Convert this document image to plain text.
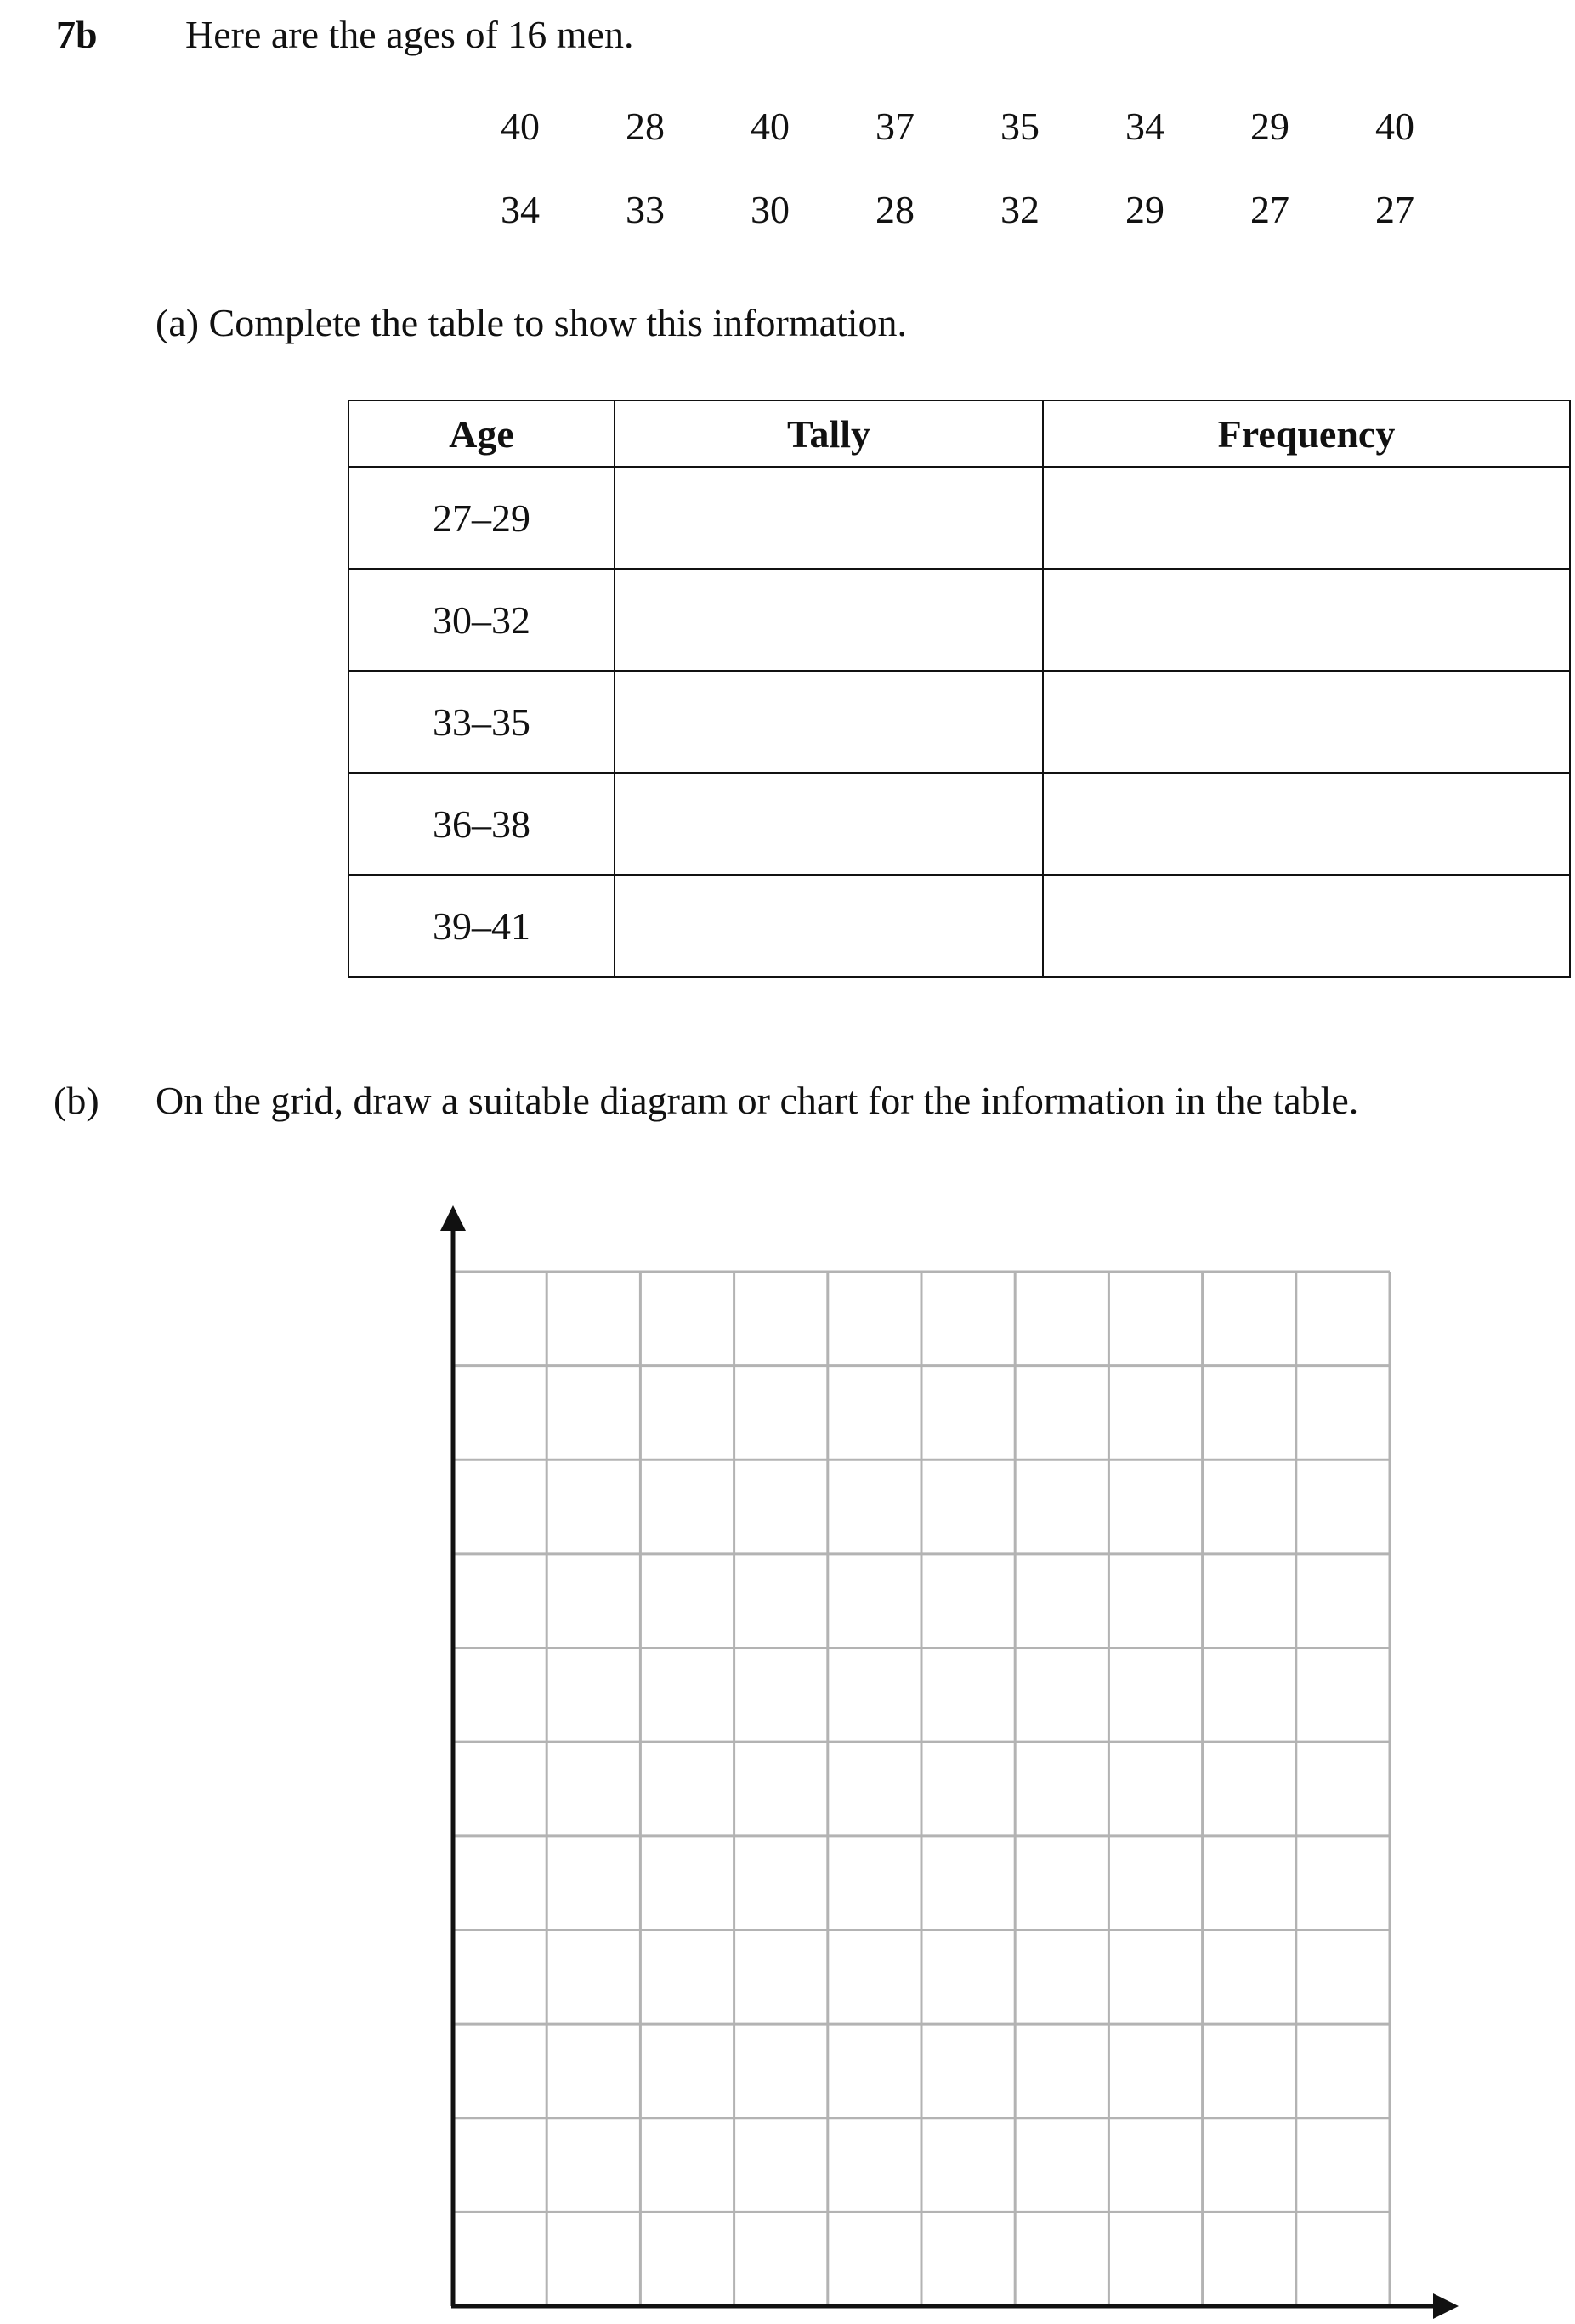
7b Here are the ages of 16 men.
40	28	40	37	35	34	29	40
34	33	30	28	32	29	27	27
(a) Complete the table to show this information.
Age	Tally	Frequency
27–29		
30–32		
33–35		
36–38		
39–41		
(b) On the grid, draw a suitable diagram or chart for the information in the table.
